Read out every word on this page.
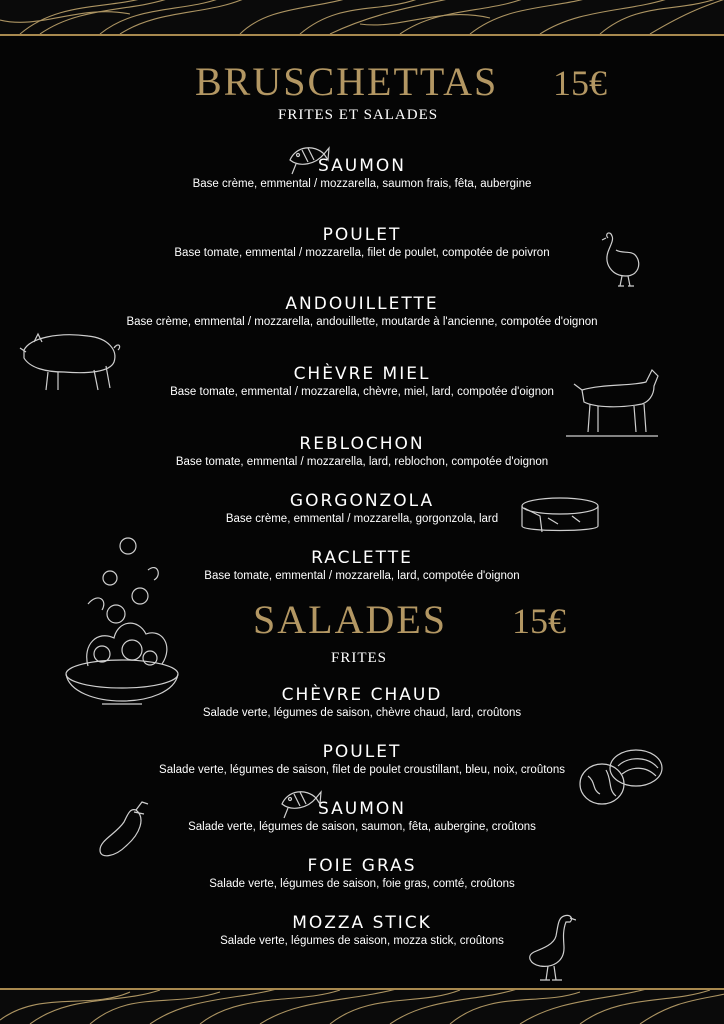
BRUSCHETTAS 15€
FRITES ET SALADES
SAUMON
Base crème, emmental / mozzarella, saumon frais, fêta, aubergine
POULET
Base tomate, emmental / mozzarella, filet de poulet, compotée de poivron
ANDOUILLETTE
Base crème, emmental / mozzarella, andouillette, moutarde à l'ancienne, compotée d'oignon
CHÈVRE MIEL
Base tomate, emmental / mozzarella, chèvre, miel, lard, compotée d'oignon
REBLOCHON
Base tomate, emmental / mozzarella, lard, reblochon, compotée d'oignon
GORGONZOLA
Base crème, emmental / mozzarella, gorgonzola, lard
RACLETTE
Base tomate, emmental / mozzarella, lard, compotée d'oignon
SALADES 15€
FRITES
CHÈVRE CHAUD
Salade verte, légumes de saison, chèvre chaud, lard, croûtons
POULET
Salade verte, légumes de saison, filet de poulet croustillant, bleu, noix, croûtons
SAUMON
Salade verte, légumes de saison, saumon, fêta, aubergine, croûtons
FOIE GRAS
Salade verte, légumes de saison, foie gras, comté, croûtons
MOZZA STICK
Salade verte, légumes de saison, mozza stick, croûtons
